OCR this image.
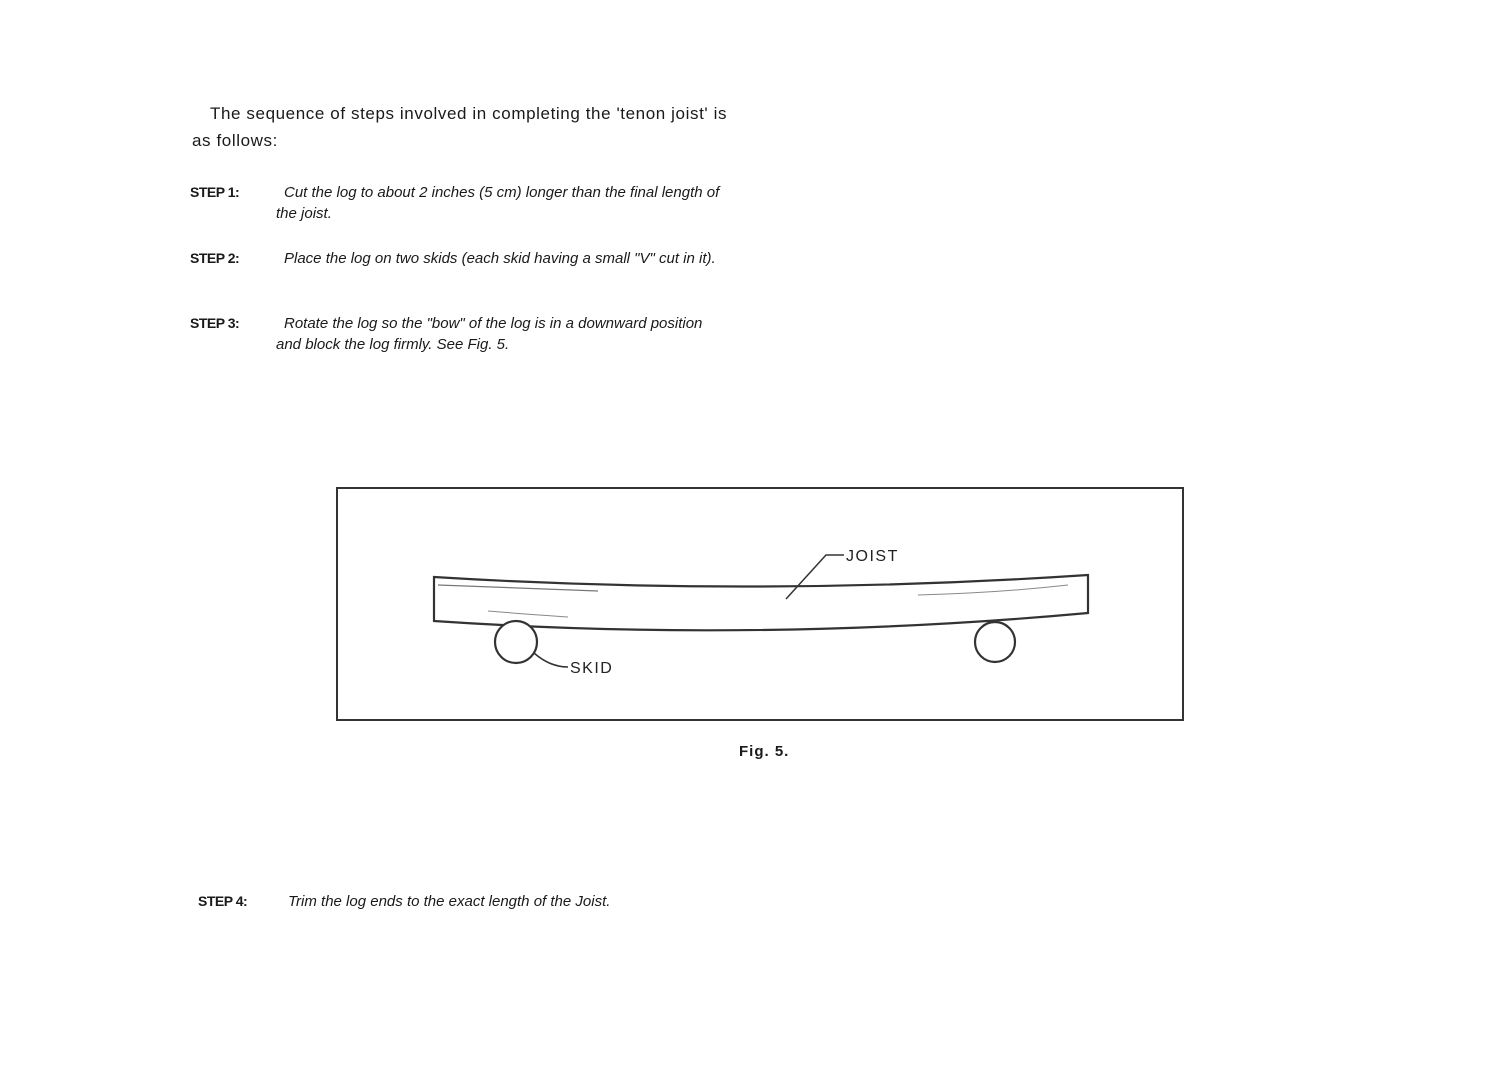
The sequence of steps involved in completing the 'tenon joist' is as follows:

STEP 1:	Cut the log to about 2 inches (5 cm) longer than the final length of the joist.
STEP 2:	Place the log on two skids (each skid having a small "V" cut in it).
STEP 3:	Rotate the log so the "bow" of the log is in a downward position and block the log firmly. See Fig. 5.
JOIST
SKID
Fig. 5.
STEP 4:	Trim the log ends to the exact length of the Joist.
